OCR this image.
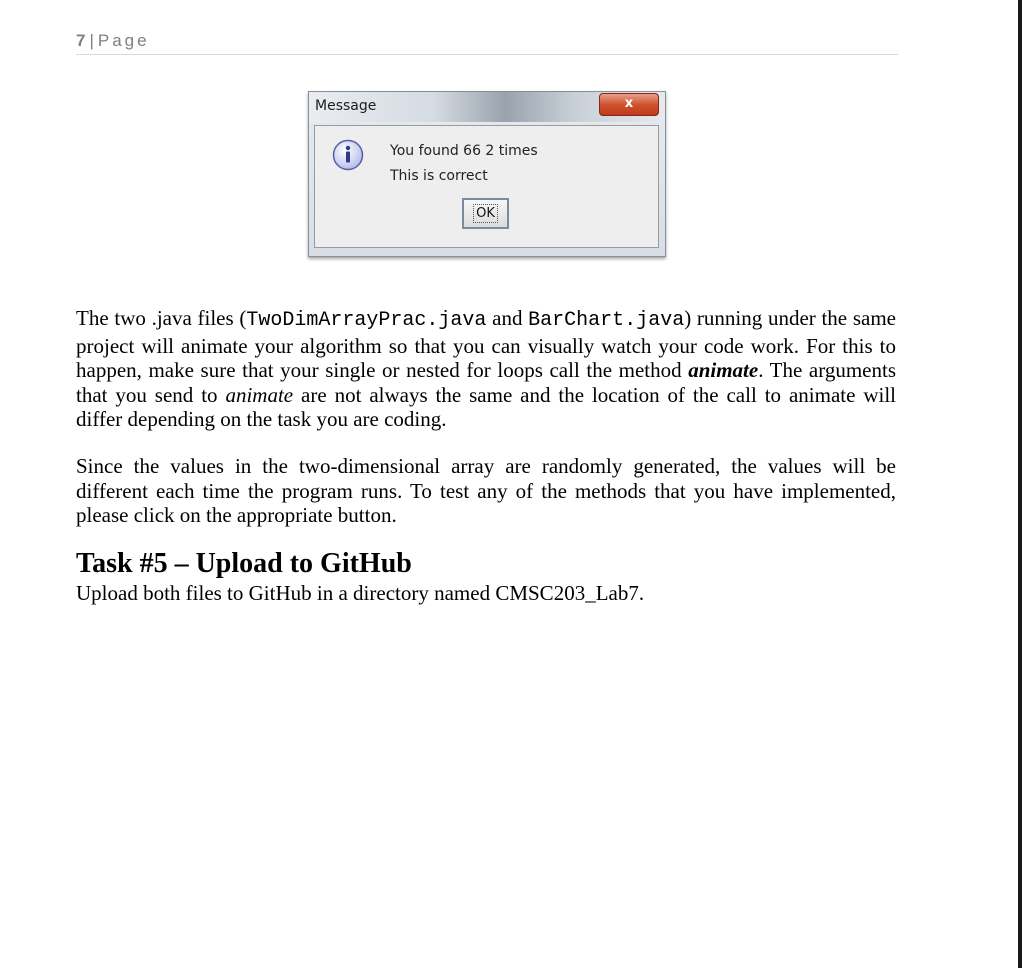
7 | Page
Message	x
You found 66 2 times
This is correct
OK

The two .java files (TwoDimArrayPrac.java and BarChart.java) running under the same project will animate your algorithm so that you can visually watch your code work. For this to happen, make sure that your single or nested for loops call the method animate. The arguments that you send to animate are not always the same and the location of the call to animate will differ depending on the task you are coding.

Since the values in the two-dimensional array are randomly generated, the values will be different each time the program runs. To test any of the methods that you have implemented, please click on the appropriate button.

Task #5 – Upload to GitHub

Upload both files to GitHub in a directory named CMSC203_Lab7.
